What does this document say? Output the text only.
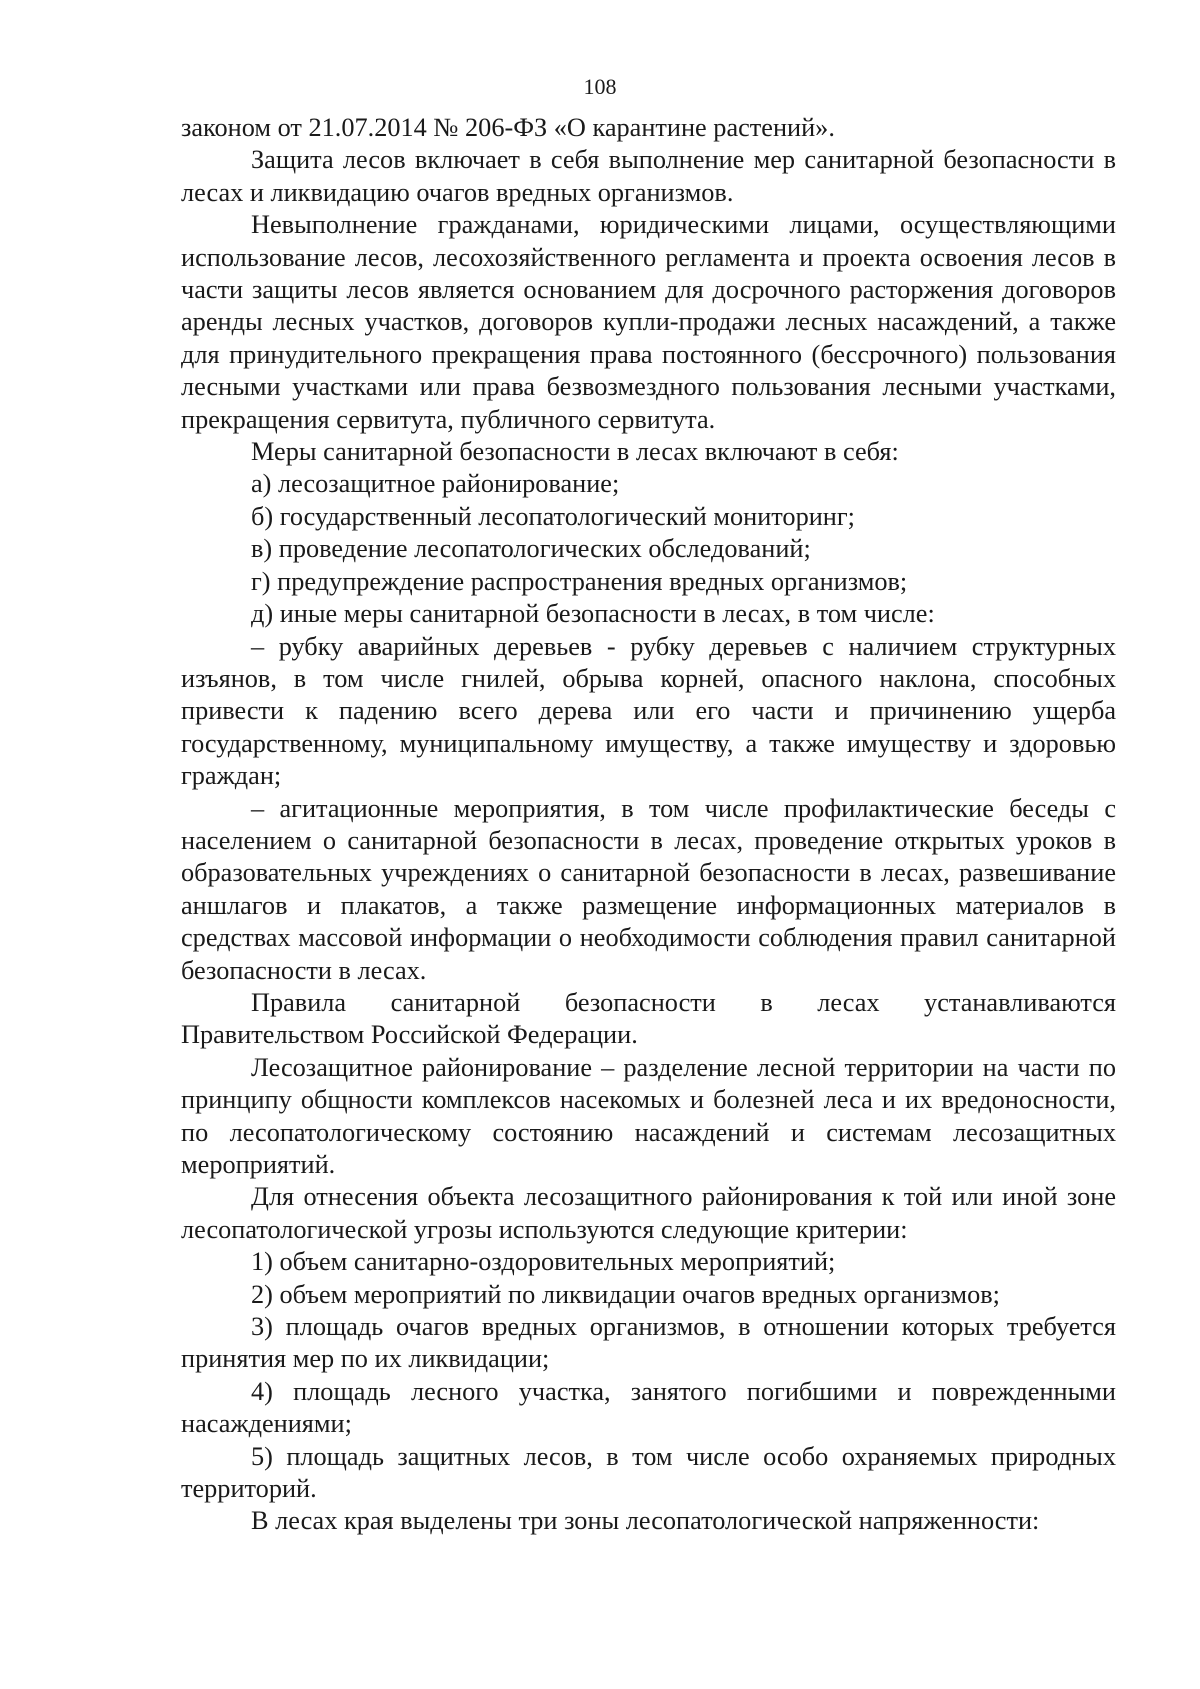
108

законом от 21.07.2014 № 206-ФЗ «О карантине растений».

Защита лесов включает в себя выполнение мер санитарной безопасности в лесах и ликвидацию очагов вредных организмов.

Невыполнение гражданами, юридическими лицами, осуществляющими использование лесов, лесохозяйственного регламента и проекта освоения лесов в части защиты лесов является основанием для досрочного расторжения договоров аренды лесных участков, договоров купли-продажи лесных насаждений, а также для принудительного прекращения права постоянного (бессрочного) пользования лесными участками или права безвозмездного пользования лесными участками, прекращения сервитута, публичного сервитута.

Меры санитарной безопасности в лесах включают в себя:

а) лесозащитное районирование;

б) государственный лесопатологический мониторинг;

в) проведение лесопатологических обследований;

г) предупреждение распространения вредных организмов;

д) иные меры санитарной безопасности в лесах, в том числе:

– рубку аварийных деревьев - рубку деревьев с наличием структурных изъянов, в том числе гнилей, обрыва корней, опасного наклона, способных привести к падению всего дерева или его части и причинению ущерба государственному, муниципальному имуществу, а также имуществу и здоровью граждан;

– агитационные мероприятия, в том числе профилактические беседы с населением о санитарной безопасности в лесах, проведение открытых уроков в образовательных учреждениях о санитарной безопасности в лесах, развешивание аншлагов и плакатов, а также размещение информационных материалов в средствах массовой информации о необходимости соблюдения правил санитарной безопасности в лесах.

Правила санитарной безопасности в лесах устанавливаются Правительством Российской Федерации.

Лесозащитное районирование – разделение лесной территории на части по принципу общности комплексов насекомых и болезней леса и их вредоносности, по лесопатологическому состоянию насаждений и системам лесозащитных мероприятий.

Для отнесения объекта лесозащитного районирования к той или иной зоне лесопатологической угрозы используются следующие критерии:

1) объем санитарно-оздоровительных мероприятий;

2) объем мероприятий по ликвидации очагов вредных организмов;

3) площадь очагов вредных организмов, в отношении которых требуется принятия мер по их ликвидации;

4) площадь лесного участка, занятого погибшими и поврежденными насаждениями;

5) площадь защитных лесов, в том числе особо охраняемых природных территорий.

В лесах края выделены три зоны лесопатологической напряженности:
